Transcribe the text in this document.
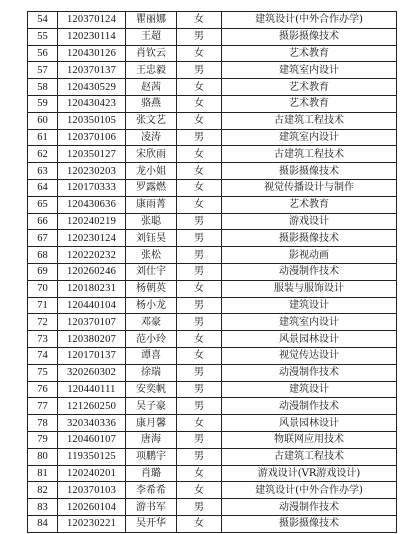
54	120370124	瞿丽娜	女	建筑设计(中外合作办学)
55	120230114	王超	男	摄影摄像技术
56	120430126	肖钦云	女	艺术教育
57	120370137	王忠毅	男	建筑室内设计
58	120430529	赵茜	女	艺术教育
59	120430423	骆燕	女	艺术教育
60	120350105	张文艺	女	古建筑工程技术
61	120370106	凌涛	男	建筑室内设计
62	120350127	宋欣雨	女	古建筑工程技术
63	120230203	龙小姐	女	摄影摄像技术
64	120170333	罗露燃	女	视觉传播设计与制作
65	120430636	康雨菁	女	艺术教育
66	120240219	张聪	男	游戏设计
67	120230124	刘钰昊	男	摄影摄像技术
68	120220232	张松	男	影视动画
69	120260246	刘仕宇	男	动漫制作技术
70	120180231	杨朝英	女	服装与服饰设计
71	120440104	杨小龙	男	建筑设计
72	120370107	邓豪	男	建筑室内设计
73	120380207	范小玲	女	风景园林设计
74	120170137	谭喜	女	视觉传达设计
75	320260302	徐瑞	男	动漫制作技术
76	120440111	安奕帆	男	建筑设计
77	121260250	吴子豪	男	动漫制作技术
78	320340336	康月馨	女	风景园林设计
79	120460107	唐海	男	物联网应用技术
80	119350125	项鹏宇	男	古建筑工程技术
81	120240201	肖璐	女	游戏设计(VR游戏设计)
82	120370103	李希希	女	建筑设计(中外合作办学)
83	120260104	游书军	男	动漫制作技术
84	120230221	吴开华	女	摄影摄像技术
